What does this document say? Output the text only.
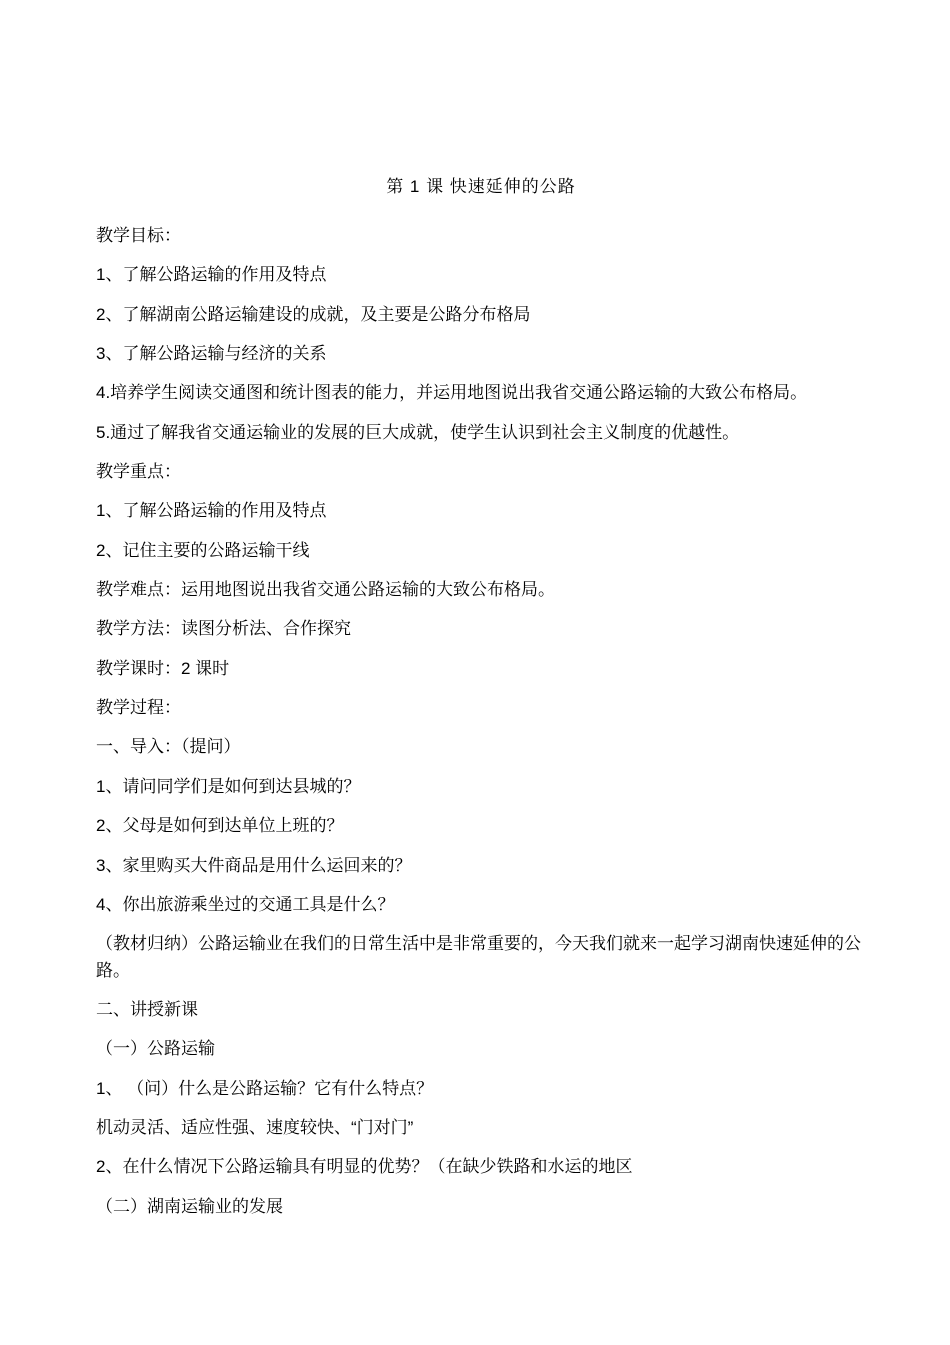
第 1 课 快速延伸的公路

教学目标：

1、了解公路运输的作用及特点

2、了解湖南公路运输建设的成就，及主要是公路分布格局

3、了解公路运输与经济的关系

4.培养学生阅读交通图和统计图表的能力，并运用地图说出我省交通公路运输的大致公布格局。

5.通过了解我省交通运输业的发展的巨大成就，使学生认识到社会主义制度的优越性。

教学重点：

1、了解公路运输的作用及特点

2、记住主要的公路运输干线

教学难点：运用地图说出我省交通公路运输的大致公布格局。

教学方法：读图分析法、合作探究

教学课时：2 课时

教学过程：

一、导入：（提问）

1、请问同学们是如何到达县城的？

2、父母是如何到达单位上班的？

3、家里购买大件商品是用什么运回来的？

4、你出旅游乘坐过的交通工具是什么？

（教材归纳）公路运输业在我们的日常生活中是非常重要的，今天我们就来一起学习湖南快速延伸的公路。

二、讲授新课

（一）公路运输

1、 （问）什么是公路运输？它有什么特点？

机动灵活、适应性强、速度较快、“门对门”

2、在什么情况下公路运输具有明显的优势？（在缺少铁路和水运的地区

（二）湖南运输业的发展
